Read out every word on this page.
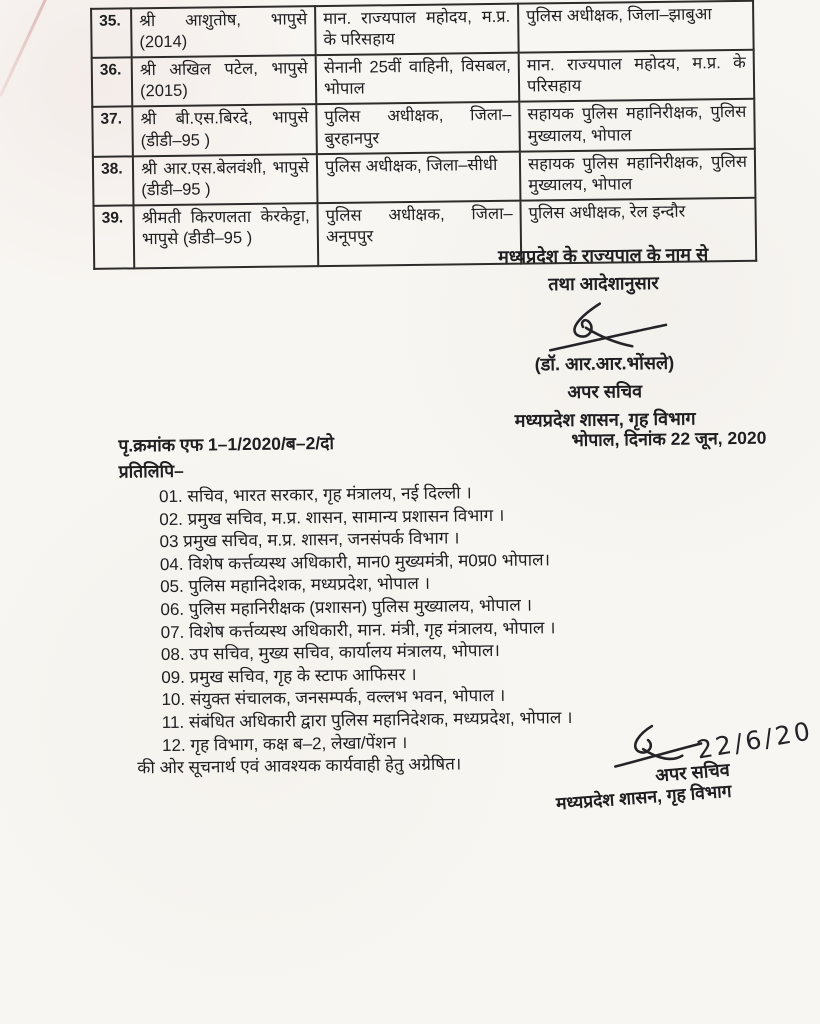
35.	श्री आशुतोष, भापुसे (2014)	मान. राज्यपाल महोदय, म.प्र. के परिसहाय	पुलिस अधीक्षक, जिला–झाबुआ
36.	श्री अखिल पटेल, भापुसे (2015)	सेनानी 25वीं वाहिनी, विसबल, भोपाल	मान. राज्यपाल महोदय, म.प्र. के परिसहाय
37.	श्री बी.एस.बिरदे, भापुसे (डीडी–95 )	पुलिस अधीक्षक, जिला–बुरहानपुर	सहायक पुलिस महानिरीक्षक, पुलिस मुख्यालय, भोपाल
38.	श्री आर.एस.बेलवंशी, भापुसे (डीडी–95 )	पुलिस अधीक्षक, जिला–सीधी	सहायक पुलिस महानिरीक्षक, पुलिस मुख्यालय, भोपाल
39.	श्रीमती किरणलता केरकेट्टा, भापुसे (डीडी–95 )	पुलिस अधीक्षक, जिला–अनूपपुर	पुलिस अधीक्षक, रेल इन्दौर
मध्यप्रदेश के राज्यपाल के नाम से
तथा आदेशानुसार
(डॉ. आर.आर.भोंसले)
अपर सचिव
मध्यप्रदेश शासन, गृह विभाग
पृ.क्रमांक एफ 1–1/2020/ब–2/दो	भोपाल, दिनांक 22 जून, 2020
प्रतिलिपि–
01. सचिव, भारत सरकार, गृह मंत्रालय, नई दिल्ली ।
02. प्रमुख सचिव, म.प्र. शासन, सामान्य प्रशासन विभाग ।
03 प्रमुख सचिव, म.प्र. शासन, जनसंपर्क विभाग ।
04. विशेष कर्त्तव्यस्थ अधिकारी, मान0 मुख्यमंत्री, म0प्र0 भोपाल।
05. पुलिस महानिदेशक, मध्यप्रदेश, भोपाल ।
06. पुलिस महानिरीक्षक (प्रशासन) पुलिस मुख्यालय, भोपाल ।
07. विशेष कर्त्तव्यस्थ अधिकारी, मान. मंत्री, गृह मंत्रालय, भोपाल ।
08. उप सचिव, मुख्य सचिव, कार्यालय मंत्रालय, भोपाल।
09. प्रमुख सचिव, गृह के स्टाफ आफिसर ।
10. संयुक्त संचालक, जनसम्पर्क, वल्लभ भवन, भोपाल ।
11. संबंधित अधिकारी द्वारा पुलिस महानिदेशक, मध्यप्रदेश, भोपाल ।
12. गृह विभाग, कक्ष ब–2, लेखा/पेंशन ।
की ओर सूचनार्थ एवं आवश्यक कार्यवाही हेतु अग्रेषित।
22/6/20
अपर सचिव
मध्यप्रदेश शासन, गृह विभाग
